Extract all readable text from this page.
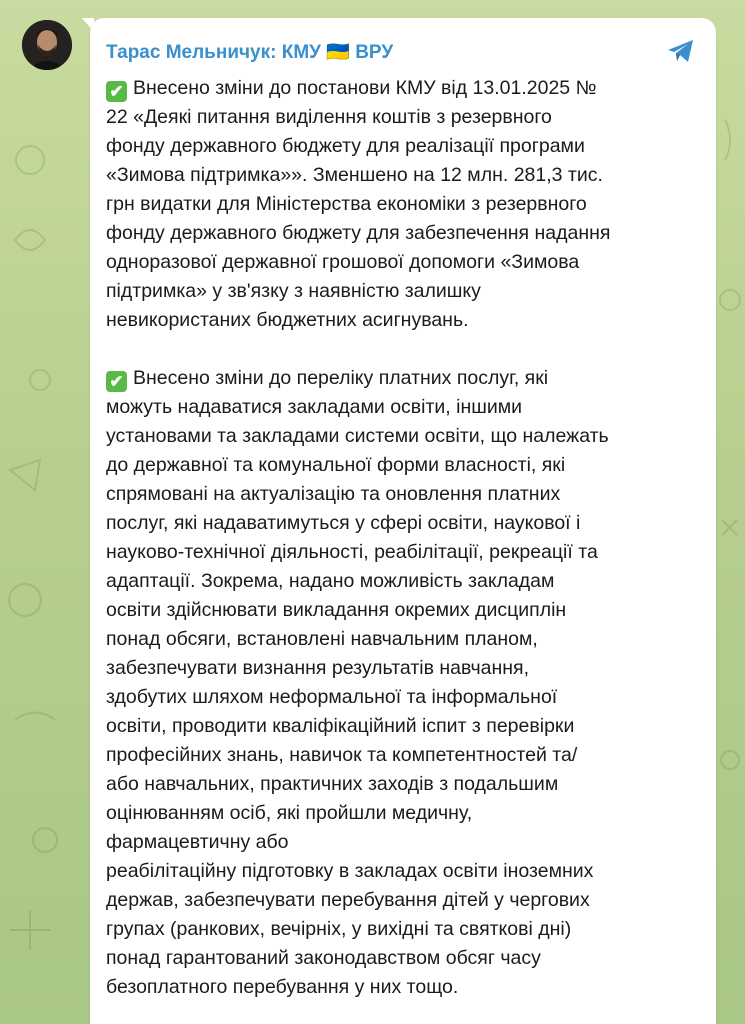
Тарас Мельничук: КМУ 🇺🇦 ВРУ
✔ Внесено зміни до постанови КМУ від 13.01.2025 №
22 «Деякі питання виділення коштів з резервного
фонду державного бюджету для реалізації програми
«Зимова підтримка»». Зменшено на 12 млн. 281,3 тис.
грн видатки для Міністерства економіки з резервного
фонду державного бюджету для забезпечення надання
одноразової державної грошової допомоги «Зимова
підтримка» у зв'язку з наявністю залишку
невикористаних бюджетних асигнувань.
✔ Внесено зміни до переліку платних послуг, які
можуть надаватися закладами освіти, іншими
установами та закладами системи освіти, що належать
до державної та комунальної форми власності, які
спрямовані на актуалізацію та оновлення платних
послуг, які надаватимуться у сфері освіти, наукової і
науково-технічної діяльності, реабілітації, рекреації та
адаптації. Зокрема, надано можливість закладам
освіти здійснювати викладання окремих дисциплін
понад обсяги, встановлені навчальним планом,
забезпечувати визнання результатів навчання,
здобутих шляхом неформальної та інформальної
освіти, проводити кваліфікаційний іспит з перевірки
професійних знань, навичок та компетентностей та/
або навчальних, практичних заходів з подальшим
оцінюванням осіб, які пройшли медичну,
фармацевтичну або
реабілітаційну підготовку в закладах освіти іноземних
держав, забезпечувати перебування дітей у чергових
групах (ранкових, вечірніх, у вихідні та святкові дні)
понад гарантований законодавством обсяг часу
безоплатного перебування у них тощо.
